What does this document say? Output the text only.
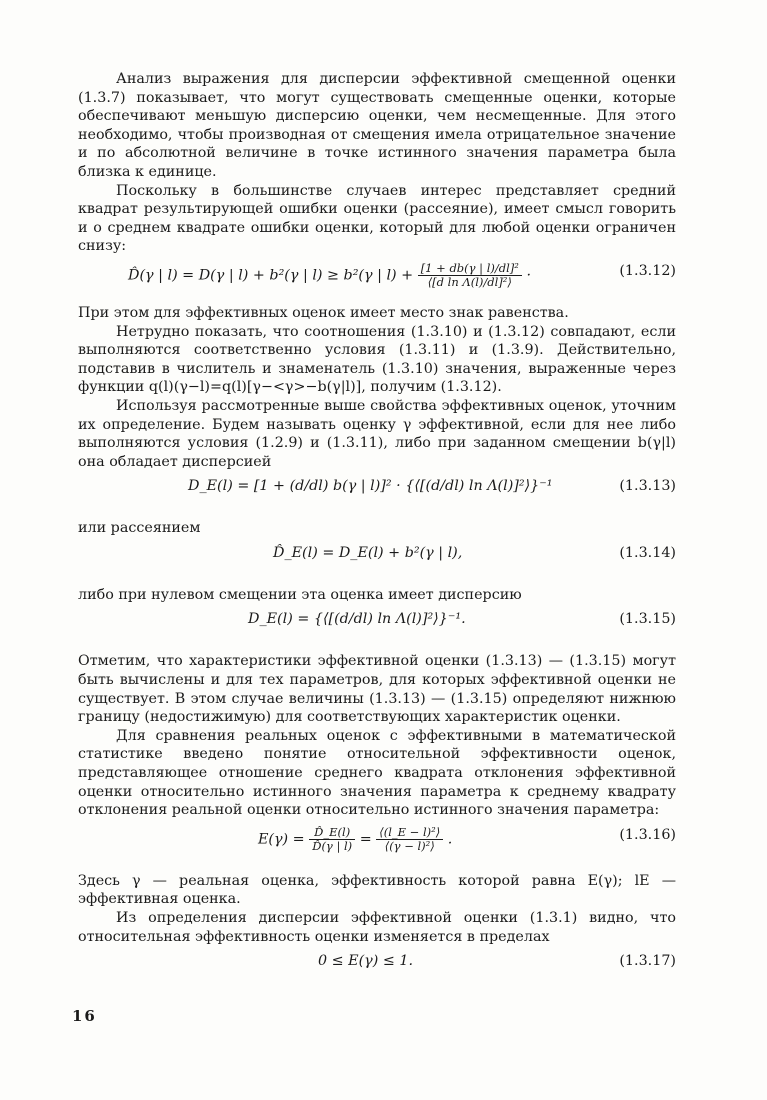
Анализ выражения для дисперсии эффективной смещенной оценки (1.3.7) показывает, что могут существовать смещенные оценки, которые обеспечивают меньшую дисперсию оценки, чем несмещенные. Для этого необходимо, чтобы производная от смещения имела отрицательное значение и по абсолютной величине в точке истинного значения параметра была близка к единице.

Поскольку в большинстве случаев интерес представляет средний квадрат результирующей ошибки оценки (рассеяние), имеет смысл говорить и о среднем квадрате ошибки оценки, который для любой оценки ограничен снизу:

D̂(γ | l) = D(γ | l) + b²(γ | l) ≥ b²(γ | $l) + \frac{\text{[1 + db(γ | l)/dl]²}}{\text{⟨[d ln Λ(l)/dl]²⟩}}$ ·	(1.3.12)

При этом для эффективных оценок имеет место знак равенства.

Нетрудно показать, что соотношения (1.3.10) и (1.3.12) совпадают, если выполняются соответственно условия (1.3.11) и (1.3.9). Действительно, подставив в числитель и знаменатель (1.3.10) значения, выраженные через функции q(l)(γ−l)=q(l)[γ−<γ>−b(γ|l)], получим (1.3.12).

Используя рассмотренные выше свойства эффективных оценок, уточним их определение. Будем называть оценку γ эффективной, если для нее либо выполняются условия (1.2.9) и (1.3.11), либо при заданном смещении b(γ|l) она обладает дисперсией

D_E(l) = [1 + (d/dl) b(γ | l)]² · {⟨[(d/dl) ln Λ(l)]²⟩}⁻¹	(1.3.13)

или рассеянием

D̂_E(l) = D_E(l) + b²(γ | l),	(1.3.14)

либо при нулевом смещении эта оценка имеет дисперсию

D_E(l) = {⟨[(d/dl) ln Λ(l)]²⟩}⁻¹.	(1.3.15)

Отметим, что характеристики эффективной оценки (1.3.13) — (1.3.15) могут быть вычислены и для тех параметров, для которых эффективной оценки не существует. В этом случае величины (1.3.13) — (1.3.15) определяют нижнюю границу (недостижимую) для соответствующих характеристик оценки.

Для сравнения реальных оценок с эффективными в математической статистике введено понятие относительной эффективности оценок, представляющее отношение среднего квадрата отклонения эффективной оценки относительно истинного значения параметра к среднему квадрату отклонения реальной оценки относительно истинного значения параметра:

$E(\gamma) = \frac{D̂\_E(l)}{D̂(\gamma | l)} = \frac{\text{⟨(l\_E − l)²⟩}}{\text{⟨(γ − l)²⟩}}$ .	(1.3.16)

Здесь γ — реальная оценка, эффективность которой равна E(γ); lE — эффективная оценка.

Из определения дисперсии эффективной оценки (1.3.1) видно, что относительная эффективность оценки изменяется в пределах

0 ≤ E(γ) ≤ 1.	(1.3.17)
16
